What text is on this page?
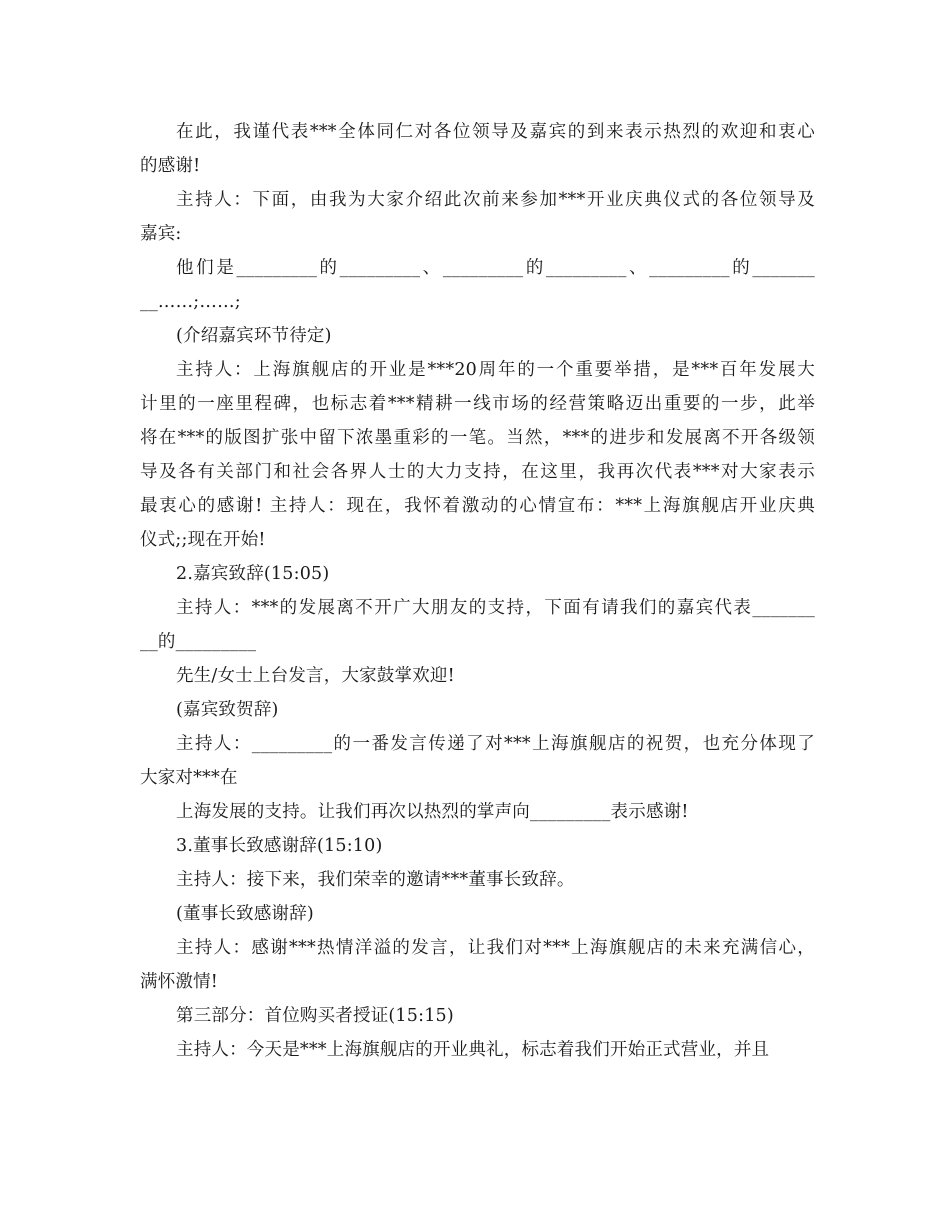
在此，我谨代表***全体同仁对各位领导及嘉宾的到来表示热烈的欢迎和衷心
的感谢!
主持人：下面，由我为大家介绍此次前来参加***开业庆典仪式的各位领导及
嘉宾:
他们是_________的_________、_________的_________、_________的_______
__……;……;
(介绍嘉宾环节待定)
主持人：上海旗舰店的开业是***20周年的一个重要举措，是***百年发展大
计里的一座里程碑，也标志着***精耕一线市场的经营策略迈出重要的一步，此举
将在***的版图扩张中留下浓墨重彩的一笔。当然，***的进步和发展离不开各级领
导及各有关部门和社会各界人士的大力支持，在这里，我再次代表***对大家表示
最衷心的感谢! 主持人：现在，我怀着激动的心情宣布：***上海旗舰店开业庆典
仪式;;现在开始!
2.嘉宾致辞(15:05)
主持人：***的发展离不开广大朋友的支持，下面有请我们的嘉宾代表_______
__的_________
先生/女士上台发言，大家鼓掌欢迎!
(嘉宾致贺辞)
主持人：_________的一番发言传递了对***上海旗舰店的祝贺，也充分体现了
大家对***在
上海发展的支持。让我们再次以热烈的掌声向_________表示感谢!
3.董事长致感谢辞(15:10)
主持人：接下来，我们荣幸的邀请***董事长致辞。
(董事长致感谢辞)
主持人：感谢***热情洋溢的发言，让我们对***上海旗舰店的未来充满信心，
满怀激情!
第三部分：首位购买者授证(15:15)
主持人：今天是***上海旗舰店的开业典礼，标志着我们开始正式营业，并且
